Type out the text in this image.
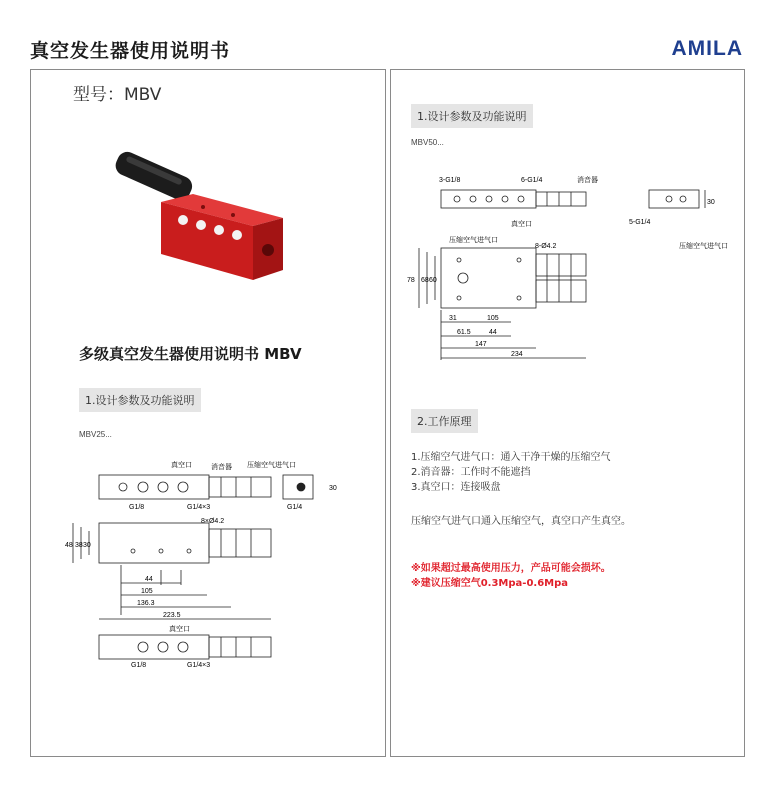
真空发生器使用说明书	AMILA
型号：MBV
多级真空发生器使用说明书 MBV
1.设计参数及功能说明
MBV25...
真空口	消音器 压缩空气进气口
G1/8	G1/4×3	G1/4
30
8×Ø4.2
48 38 30
44
105
136.3
223.5
真空口
G1/8	G1/4×3
1.设计参数及功能说明
MBV50...
3-G1/8	6-G1/4	消音器
真空口	5-G1/4
30
压缩空气进气口
压缩空气进气口
8-Ø4.2
78 68 60
31	105
61.5	44
147
234
2.工作原理
1.压缩空气进气口：通入干净干燥的压缩空气
2.消音器：工作时不能遮挡
3.真空口：连接吸盘
压缩空气进气口通入压缩空气，真空口产生真空。
※如果超过最高使用压力，产品可能会损坏。
※建议压缩空气0.3Mpa-0.6Mpa
